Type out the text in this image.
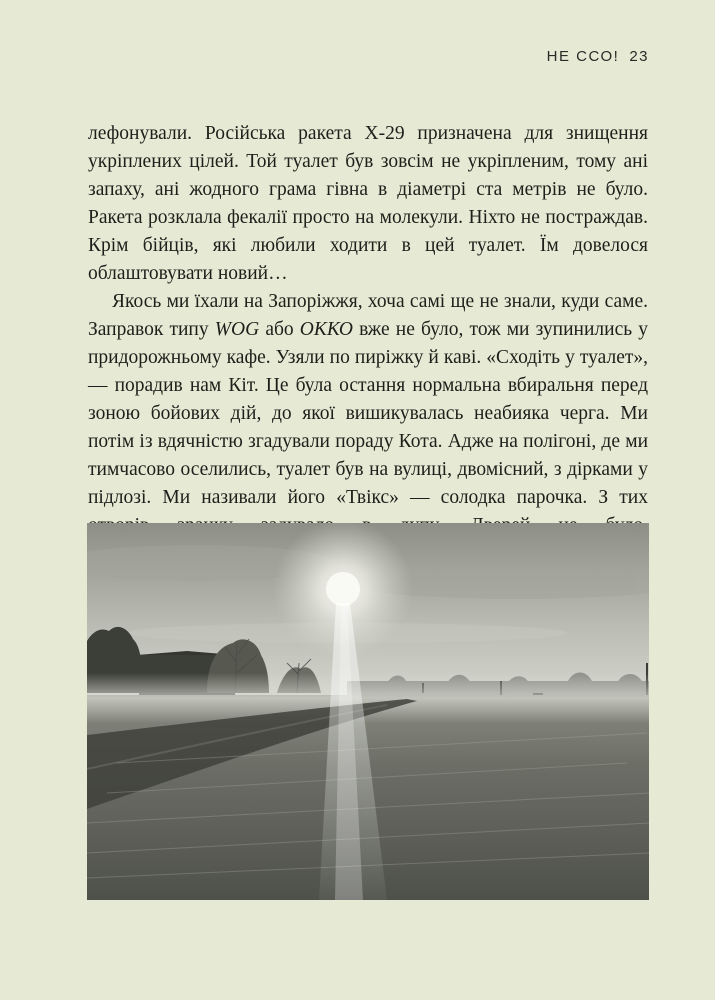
НЕ ССО! 23

лефонували. Російська ракета Х-29 призначена для знищення укріплених цілей. Той туалет був зовсім не укріпленим, тому ані запаху, ані жодного грама гівна в діаметрі ста метрів не було. Ракета розклала фекалії просто на молекули. Ніхто не постраждав. Крім бійців, які любили ходити в цей туалет. Їм довелося облаштовувати новий…

Якось ми їхали на Запоріжжя, хоча самі ще не знали, куди саме. Заправок типу WOG або ОККО вже не було, тож ми зупинились у придорожньому кафе. Узяли по пиріжку й каві. «Сходіть у туалет», — порадив нам Кіт. Це була остання нормальна вбиральня перед зоною бойових дій, до якої вишикувалась неабияка черга. Ми потім із вдячністю згадували пораду Кота. Адже на полігоні, де ми тимчасово оселились, туалет був на вулиці, двомісний, з дірками у підлозі. Ми називали його «Твікс» — солодка парочка. З тих
